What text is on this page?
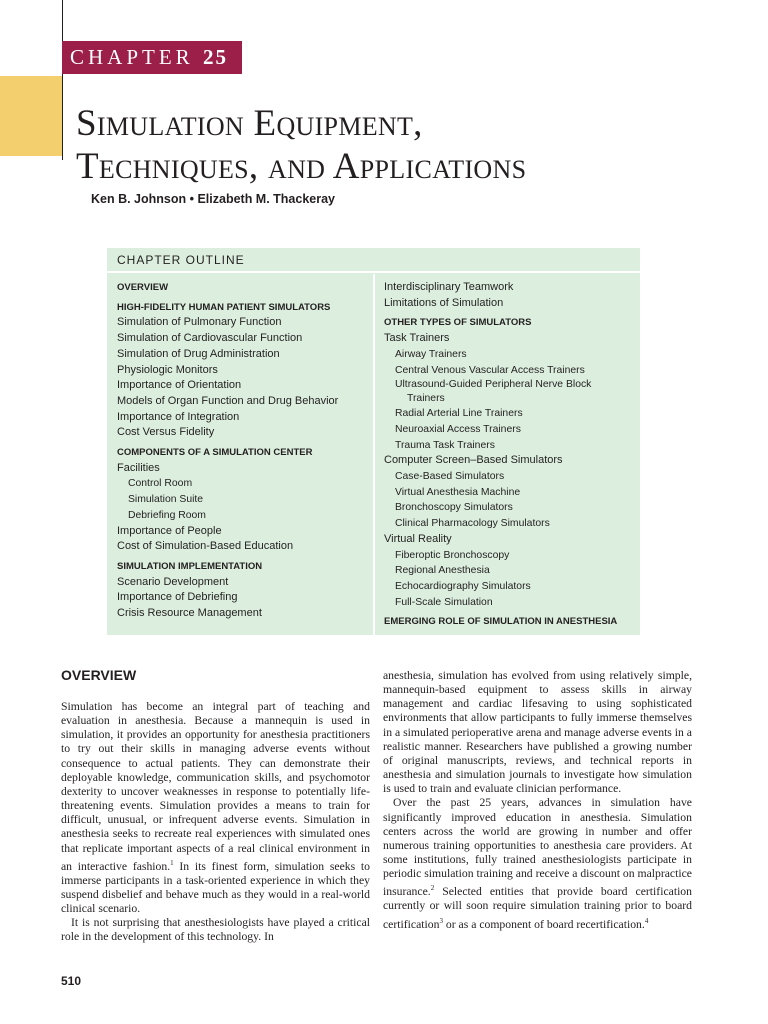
CHAPTER 25
Simulation Equipment,
Techniques, and Applications
Ken B. Johnson • Elizabeth M. Thackeray
CHAPTER OUTLINE
OVERVIEW
HIGH-FIDELITY HUMAN PATIENT SIMULATORS
Simulation of Pulmonary Function
Simulation of Cardiovascular Function
Simulation of Drug Administration
Physiologic Monitors
Importance of Orientation
Models of Organ Function and Drug Behavior
Importance of Integration
Cost Versus Fidelity
COMPONENTS OF A SIMULATION CENTER
Facilities
Control Room
Simulation Suite
Debriefing Room
Importance of People
Cost of Simulation-Based Education
SIMULATION IMPLEMENTATION
Scenario Development
Importance of Debriefing
Crisis Resource Management
Interdisciplinary Teamwork
Limitations of Simulation
OTHER TYPES OF SIMULATORS
Task Trainers
Airway Trainers
Central Venous Vascular Access Trainers
Ultrasound-Guided Peripheral Nerve Block
Trainers
Radial Arterial Line Trainers
Neuroaxial Access Trainers
Trauma Task Trainers
Computer Screen–Based Simulators
Case-Based Simulators
Virtual Anesthesia Machine
Bronchoscopy Simulators
Clinical Pharmacology Simulators
Virtual Reality
Fiberoptic Bronchoscopy
Regional Anesthesia
Echocardiography Simulators
Full-Scale Simulation
EMERGING ROLE OF SIMULATION IN ANESTHESIA
OVERVIEW

Simulation has become an integral part of teaching and evaluation in anesthesia. Because a mannequin is used in simulation, it provides an opportunity for anesthesia practitioners to try out their skills in managing adverse events without consequence to actual patients. They can demonstrate their deployable knowledge, communication skills, and psychomotor dexterity to uncover weaknesses in response to potentially life-threatening events. Simulation provides a means to train for difficult, unusual, or infrequent adverse events. Simulation in anesthesia seeks to recreate real experiences with simulated ones that replicate important aspects of a real clinical environment in an interactive fashion.$^1$ In its finest form, simulation seeks to immerse participants in a task-oriented experience in which they suspend disbelief and behave much as they would in a real-world clinical scenario.

It is not surprising that anesthesiologists have played a critical role in the development of this technology. In

anesthesia, simulation has evolved from using relatively simple, mannequin-based equipment to assess skills in airway management and cardiac lifesaving to using sophisticated environments that allow participants to fully immerse themselves in a simulated perioperative arena and manage adverse events in a realistic manner. Researchers have published a growing number of original manuscripts, reviews, and technical reports in anesthesia and simulation journals to investigate how simulation is used to train and evaluate clinician performance.

Over the past 25 years, advances in simulation have significantly improved education in anesthesia. Simulation centers across the world are growing in number and offer numerous training opportunities to anesthesia care providers. At some institutions, fully trained anesthesiologists participate in periodic simulation training and receive a discount on malpractice insurance.$^2$ Selected entities that provide board certification currently or will soon require simulation training prior to board certification$^3$ or as a component of board recertification.$^4$

510
